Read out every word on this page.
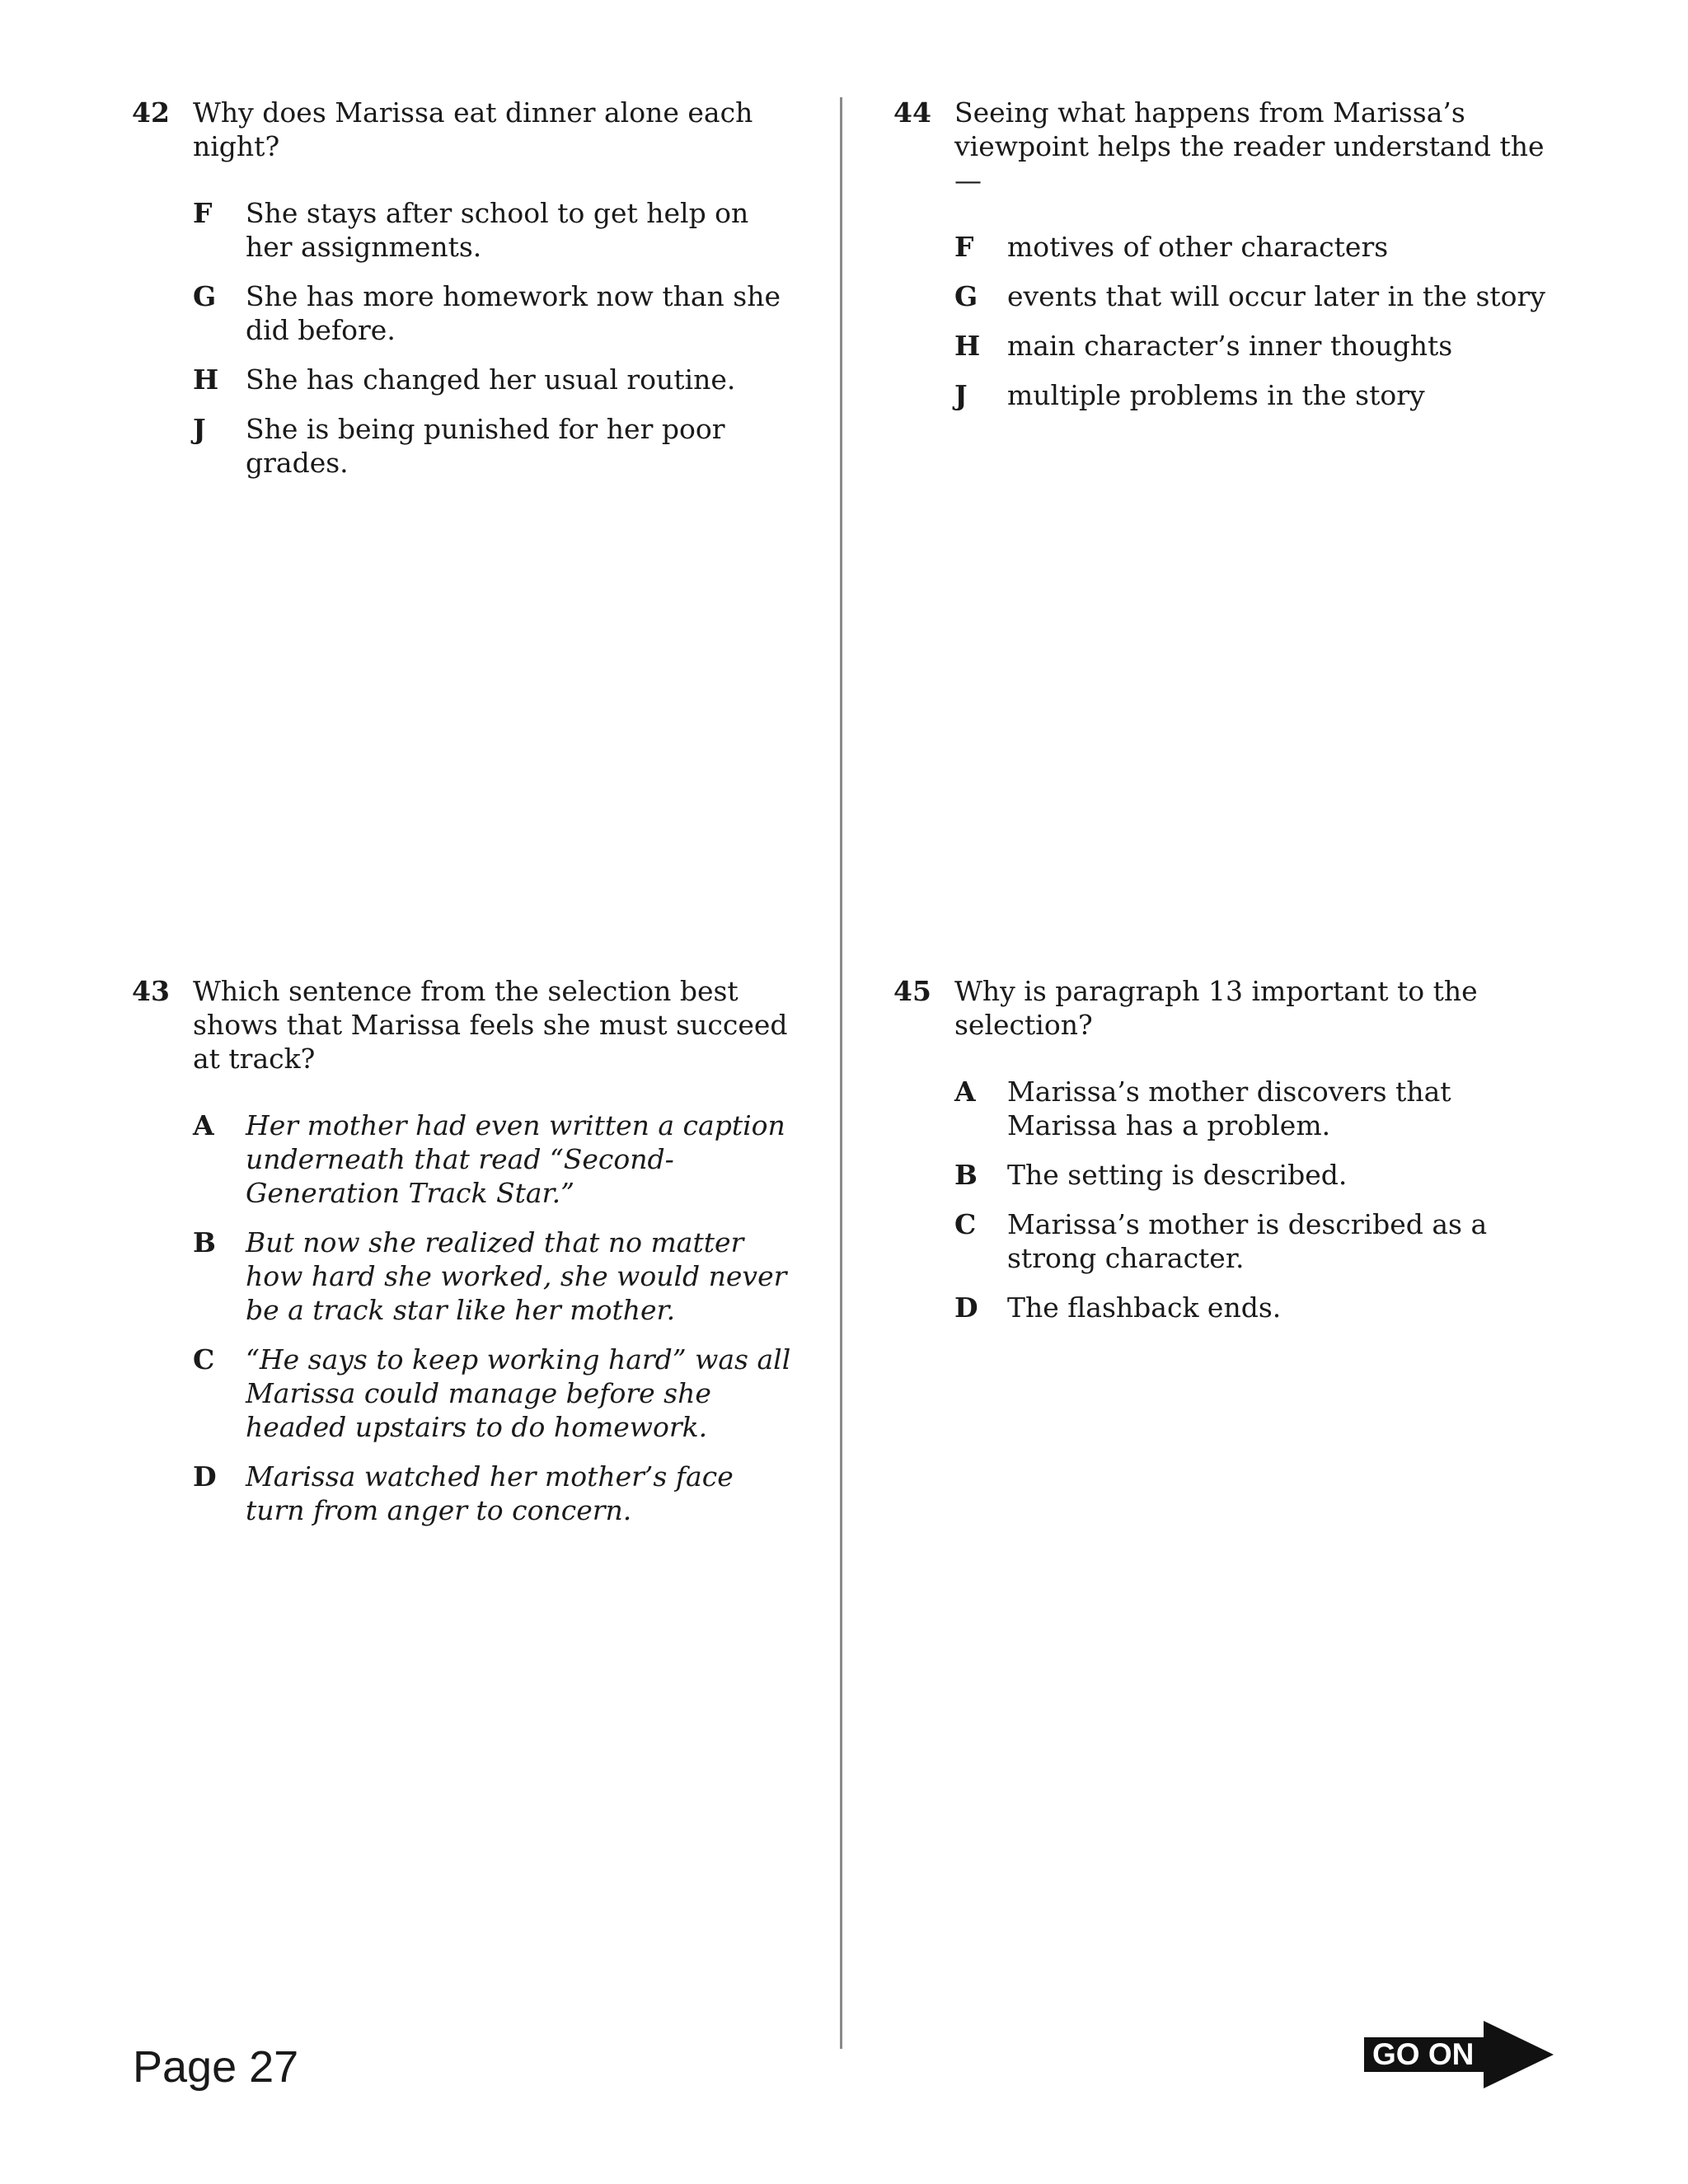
42 Why does Marissa eat dinner alone each night?
F She stays after school to get help on her assignments.
G She has more homework now than she did before.
H She has changed her usual routine.
J She is being punished for her poor grades.
44 Seeing what happens from Marissa’s viewpoint helps the reader understand the —
F motives of other characters
G events that will occur later in the story
H main character’s inner thoughts
J multiple problems in the story
43 Which sentence from the selection best shows that Marissa feels she must succeed at track?
A Her mother had even written a caption underneath that read “Second-Generation Track Star.”
B But now she realized that no matter how hard she worked, she would never be a track star like her mother.
C “He says to keep working hard” was all Marissa could manage before she headed upstairs to do homework.
D Marissa watched her mother’s face turn from anger to concern.
45 Why is paragraph 13 important to the selection?
A Marissa’s mother discovers that Marissa has a problem.
B The setting is described.
C Marissa’s mother is described as a strong character.
D The flashback ends.
Page 27	GO ON
